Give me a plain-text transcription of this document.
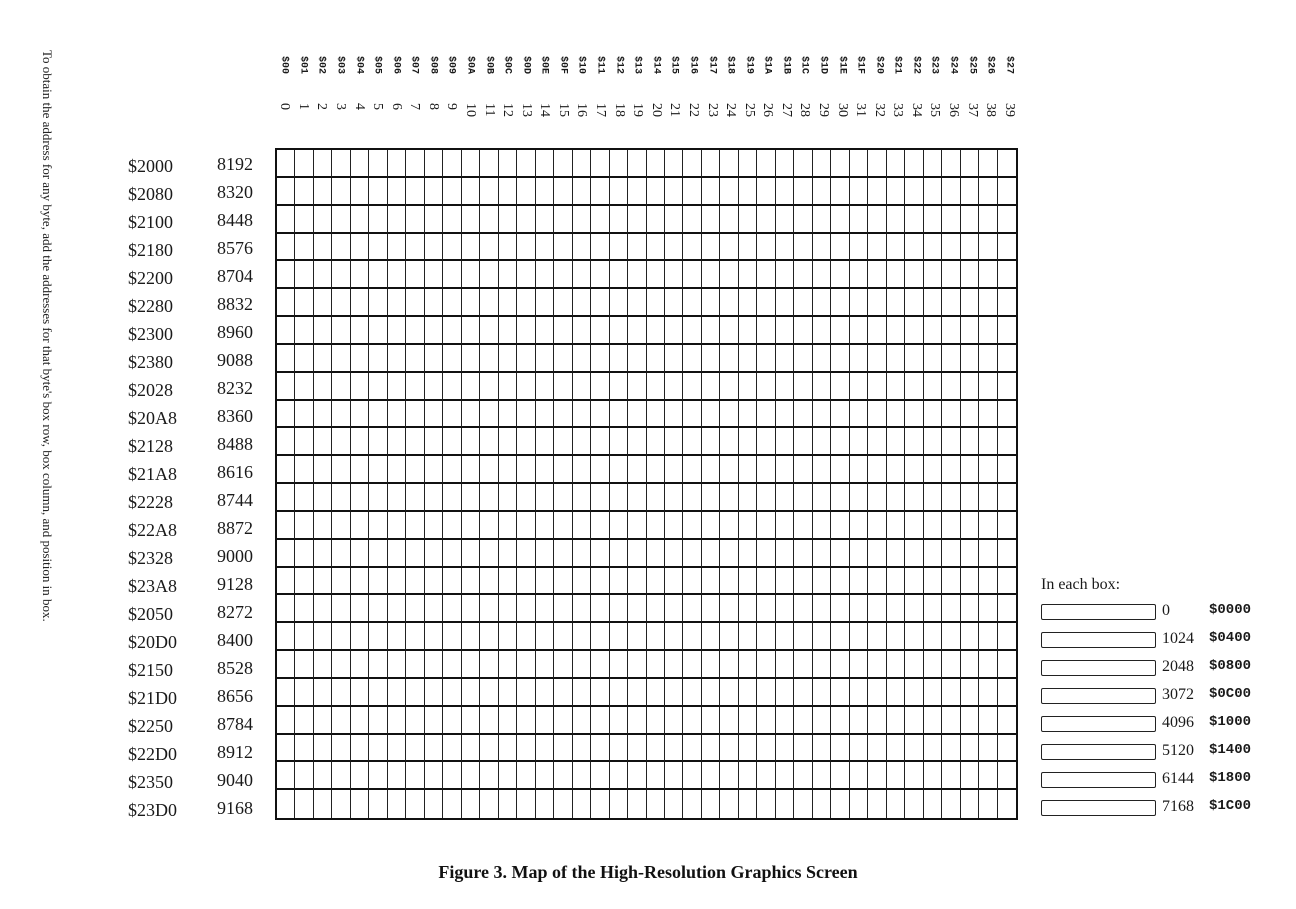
To obtain the address for any byte, add the addresses for that byte's box row, box column, and position in box.	$00
0
$01
1
$02
2
$03
3
$04
4
$05
5
$06
6
$07
7
$08
8
$09
9
$0A
10
$0B
11
$0C
12
$0D
13
$0E
14
$0F
15
$10
16
$11
17
$12
18
$13
19
$14
20
$15
21
$16
22
$17
23
$18
24
$19
25
$1A
26
$1B
27
$1C
28
$1D
29
$1E
30
$1F
31
$20
32
$21
33
$22
34
$23
35
$24
36
$25
37
$26
38
$27
39
$2000 8192
$2080 8320
$2100 8448
$2180 8576
$2200 8704
$2280 8832
$2300 8960
$2380 9088
$2028 8232
$20A8 8360
$2128 8488
$21A8 8616
$2228 8744
$22A8 8872
$2328 9000
$23A8 9128
$2050 8272
$20D0 8400
$2150 8528
$21D0 8656
$2250 8784
$22D0 8912
$2350 9040
$23D0 9168
In each box:
0	$0000
1024 $0400
2048 $0800
3072 $0C00
4096 $1000
5120 $1400
6144 $1800
7168 $1C00
Figure 3. Map of the High-Resolution Graphics Screen
